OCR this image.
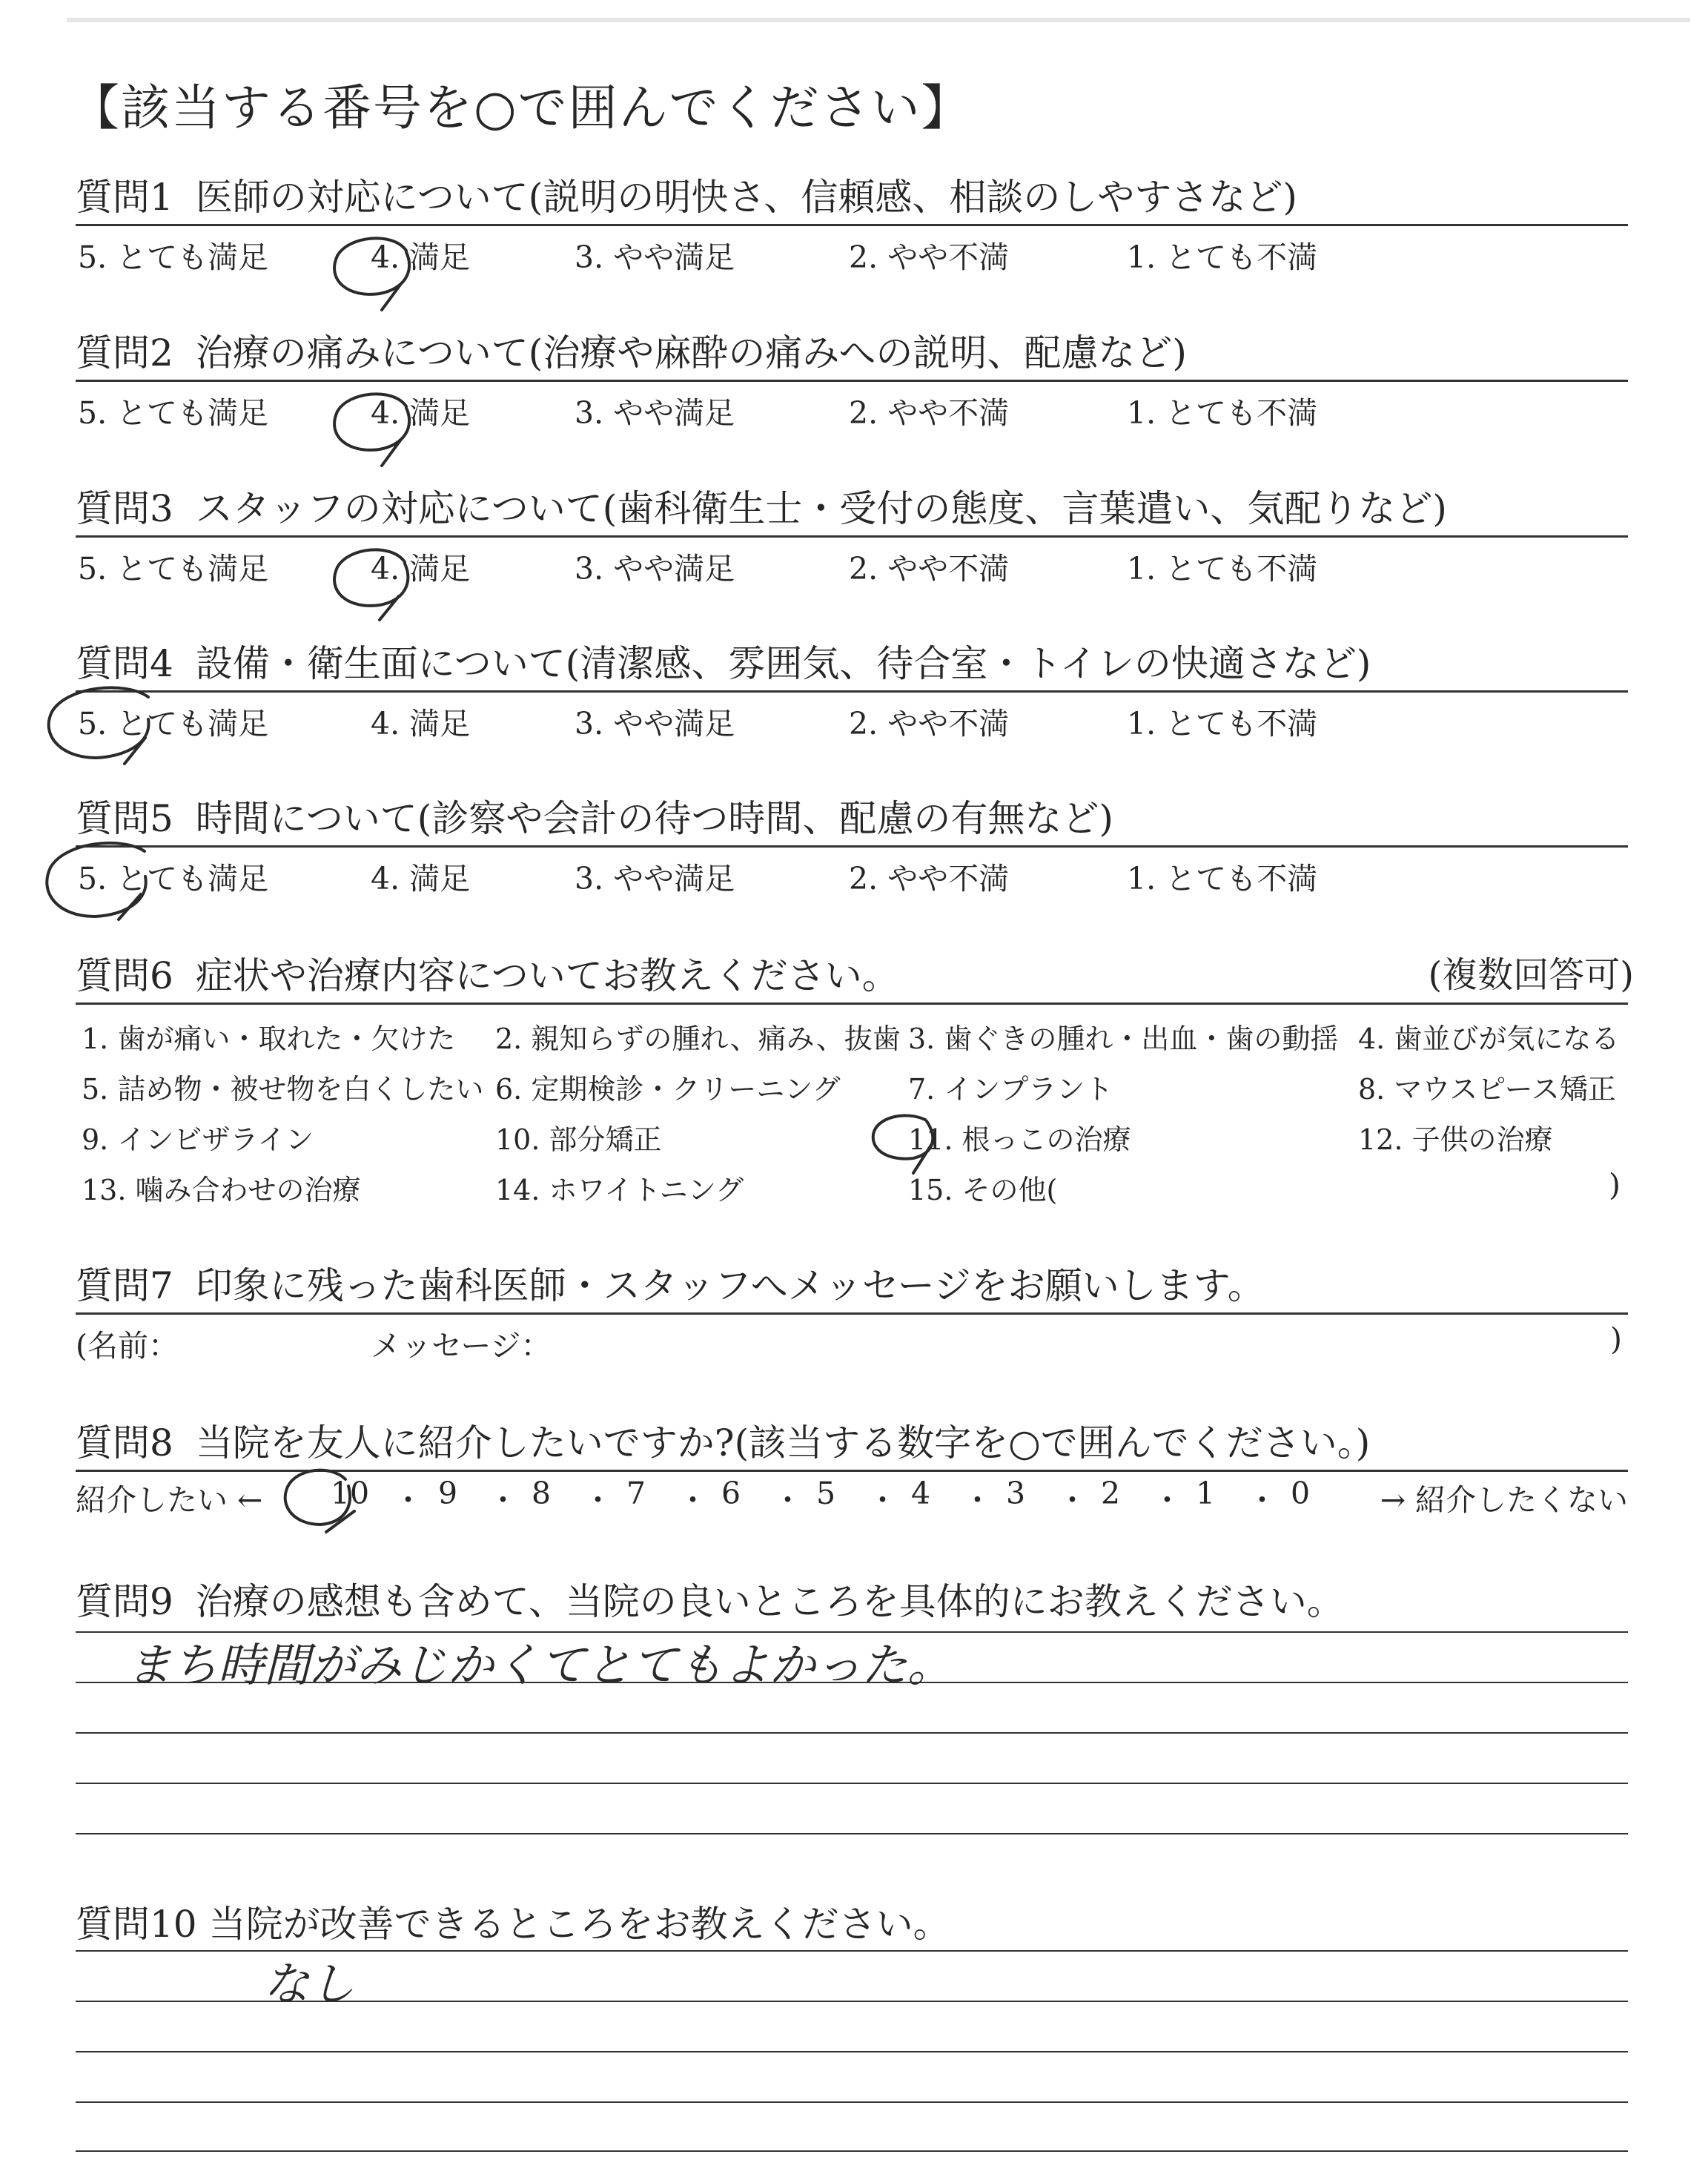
【該当する番号を○で囲んでください】
質問1 医師の対応について(説明の明快さ、信頼感、相談のしやすさなど)
5. とても満足	4. 満足	3. やや満足	2. やや不満	1. とても不満
質問2 治療の痛みについて(治療や麻酔の痛みへの説明、配慮など)
5. とても満足	4. 満足	3. やや満足	2. やや不満	1. とても不満
質問3 スタッフの対応について(歯科衛生士・受付の態度、言葉遣い、気配りなど)
5. とても満足	4. 満足	3. やや満足	2. やや不満	1. とても不満
質問4 設備・衛生面について(清潔感、雰囲気、待合室・トイレの快適さなど)
5. とても満足	4. 満足	3. やや満足	2. やや不満	1. とても不満
質問5 時間について(診察や会計の待つ時間、配慮の有無など)
5. とても満足	4. 満足	3. やや満足	2. やや不満	1. とても不満
質問6 症状や治療内容についてお教えください。	(複数回答可)
1. 歯が痛い・取れた・欠けた 2. 親知らずの腫れ、痛み、抜歯 3. 歯ぐきの腫れ・出血・歯の動揺 4. 歯並びが気になる
5. 詰め物・被せ物を白くしたい 6. 定期検診・クリーニング 7. インプラント	8. マウスピース矯正
9. インビザライン	10. 部分矯正	11. 根っこの治療	12. 子供の治療
13. 噛み合わせの治療	14. ホワイトニング	15. その他(	)
質問7 印象に残った歯科医師・スタッフへメッセージをお願いします。
(名前：	メッセージ：	)
質問8 当院を友人に紹介したいですか?(該当する数字を○で囲んでください。)
紹介したい ← 10 ・ 9 ・ 8	・ 7	・ 6	・ 5	・ 4	・ 3	・ 2	・ 1	・ 0	→ 紹介したくない
質問9 治療の感想も含めて、当院の良いところを具体的にお教えください。
まち時間がみじかくてとてもよかった。
質問10 当院が改善できるところをお教えください。
なし
